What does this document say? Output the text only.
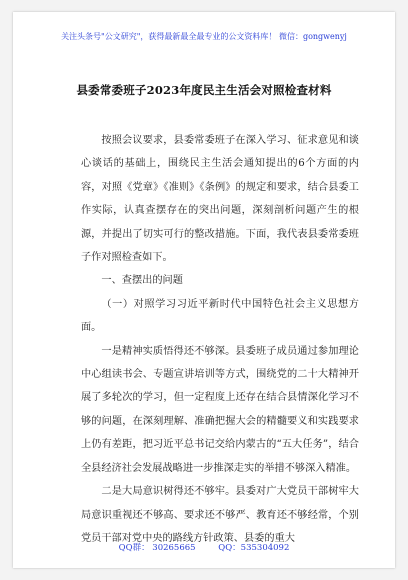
关注头条号"公文研究"，获得最新最全最专业的公文资料库！ 微信：gongwenyj
县委常委班子2023年度民主生活会对照检查材料

按照会议要求，县委常委班子在深入学习、征求意见和谈心谈话的基础上，围绕民主生活会通知提出的6个方面的内容，对照《党章》《准则》《条例》的规定和要求，结合县委工作实际，认真查摆存在的突出问题，深刻剖析问题产生的根源，并提出了切实可行的整改措施。下面，我代表县委常委班子作对照检查如下。

一、查摆出的问题

（一）对照学习习近平新时代中国特色社会主义思想方面。

一是精神实质悟得还不够深。县委班子成员通过参加理论中心组读书会、专题宣讲培训等方式，围绕党的二十大精神开展了多轮次的学习，但一定程度上还存在结合县情深化学习不够的问题，在深刻理解、准确把握大会的精髓要义和实践要求上仍有差距，把习近平总书记交给内蒙古的“五大任务”，结合全县经济社会发展战略进一步推深走实的举措不够深入精准。

二是大局意识树得还不够牢。县委对广大党员干部树牢大局意识重视还不够高、要求还不够严、教育还不够经常，个别党员干部对党中央的路线方针政策、县委的重大

QQ群： 30265665	QQ：535304092
